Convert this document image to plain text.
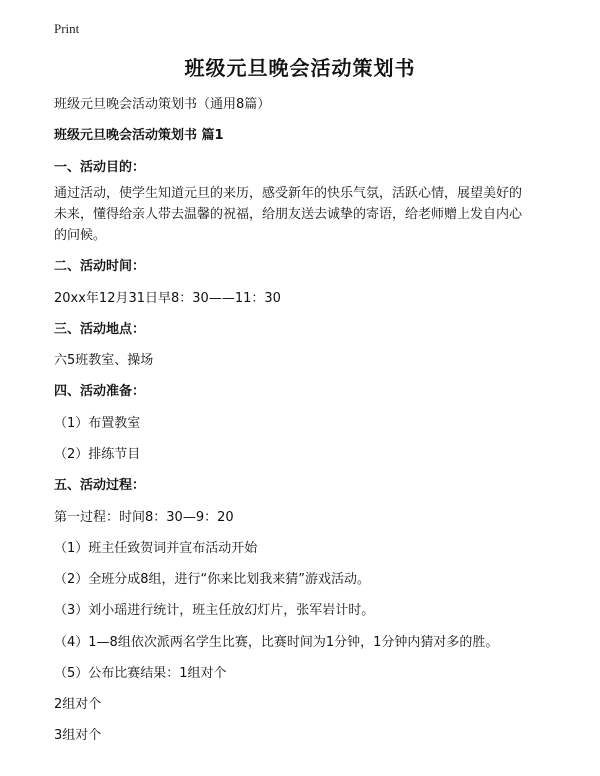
Print
班级元旦晚会活动策划书

班级元旦晚会活动策划书（通用8篇）

班级元旦晚会活动策划书 篇1

一、活动目的：

通过活动，使学生知道元旦的来历，感受新年的快乐气氛，活跃心情，展望美好的
未来，懂得给亲人带去温馨的祝福，给朋友送去诚挚的寄语，给老师赠上发自内心
的问候。

二、活动时间：

20xx年12月31日早8：30——11：30

三、活动地点：

六5班教室、操场

四、活动准备：

（1）布置教室

（2）排练节目

五、活动过程：

第一过程：时间8：30—9：20

（1）班主任致贺词并宣布活动开始

（2）全班分成8组，进行“你来比划我来猜”游戏活动。

（3）刘小瑶进行统计，班主任放幻灯片，张军岩计时。

（4）1—8组依次派两名学生比赛，比赛时间为1分钟，1分钟内猜对多的胜。

（5）公布比赛结果：1组对个

2组对个

3组对个
